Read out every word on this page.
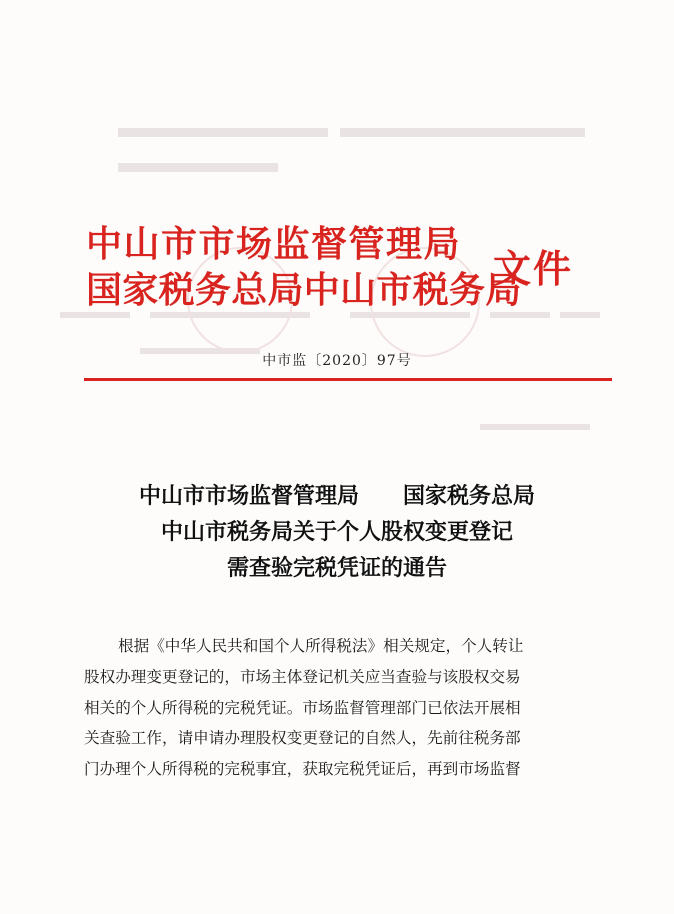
中山市市场监督管理局
国家税务总局中山市税务局
文件
中市监〔2020〕97号
中山市市场监督管理局　　国家税务总局
中山市税务局关于个人股权变更登记
需查验完税凭证的通告
根据《中华人民共和国个人所得税法》相关规定，个人转让
股权办理变更登记的，市场主体登记机关应当查验与该股权交易
相关的个人所得税的完税凭证。市场监督管理部门已依法开展相
关查验工作，请申请办理股权变更登记的自然人，先前往税务部
门办理个人所得税的完税事宜，获取完税凭证后，再到市场监督
